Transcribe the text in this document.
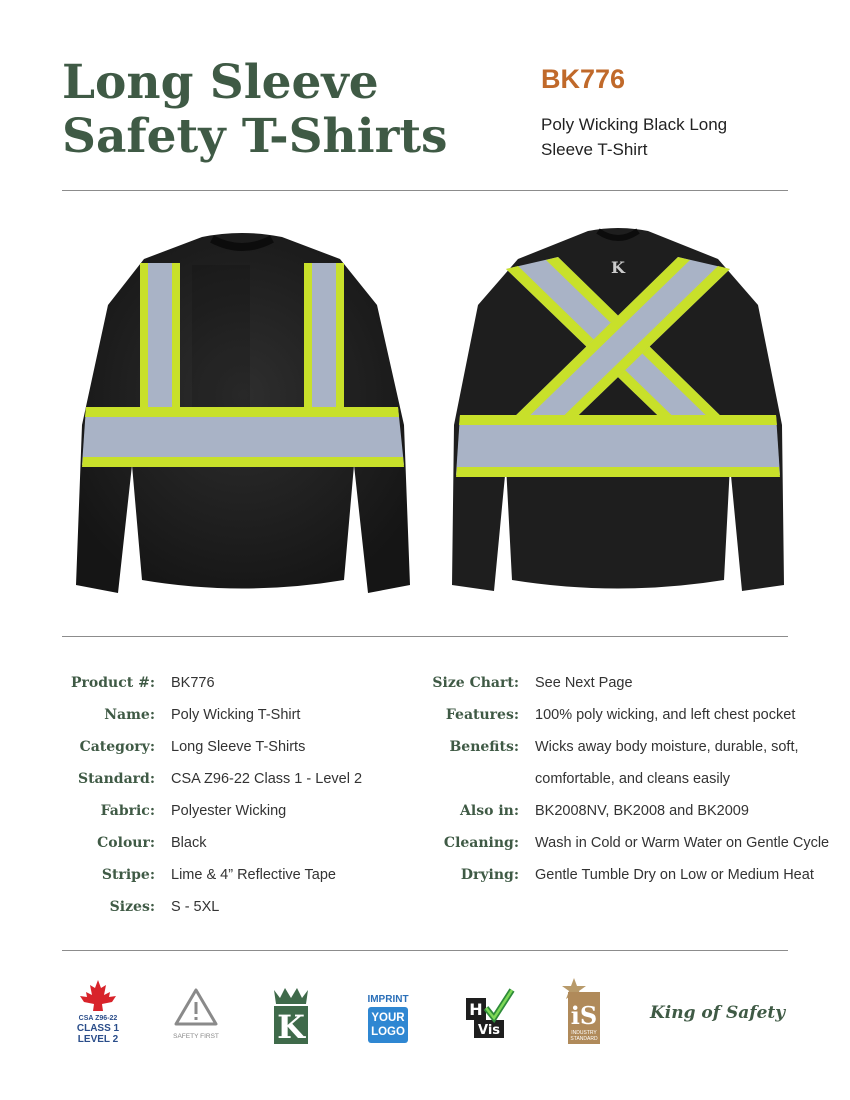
Long Sleeve Safety T-Shirts
BK776
Poly Wicking Black Long Sleeve T-Shirt
K
Product #: BK776
Name: Poly Wicking T-Shirt
Category: Long Sleeve T-Shirts
Standard: CSA Z96-22 Class 1 - Level 2
Fabric: Polyester Wicking
Colour: Black
Stripe: Lime & 4” Reflective Tape
Sizes: S - 5XL
Size Chart: See Next Page
Features: 100% poly wicking, and left chest pocket
Benefits: Wicks away body moisture, durable, soft,
comfortable, and cleans easily
Also in: BK2008NV, BK2008 and BK2009
Cleaning: Wash in Cold or Warm Water on Gentle Cycle
Drying: Gentle Tumble Dry on Low or Medium Heat
CSA Z96-22
CLASS 1
LEVEL 2	SAFETY FIRST K
IMPRINT
YOUR
LOGO
H
Vis
iS
INDUSTRY
STANDARD
King of Safety
